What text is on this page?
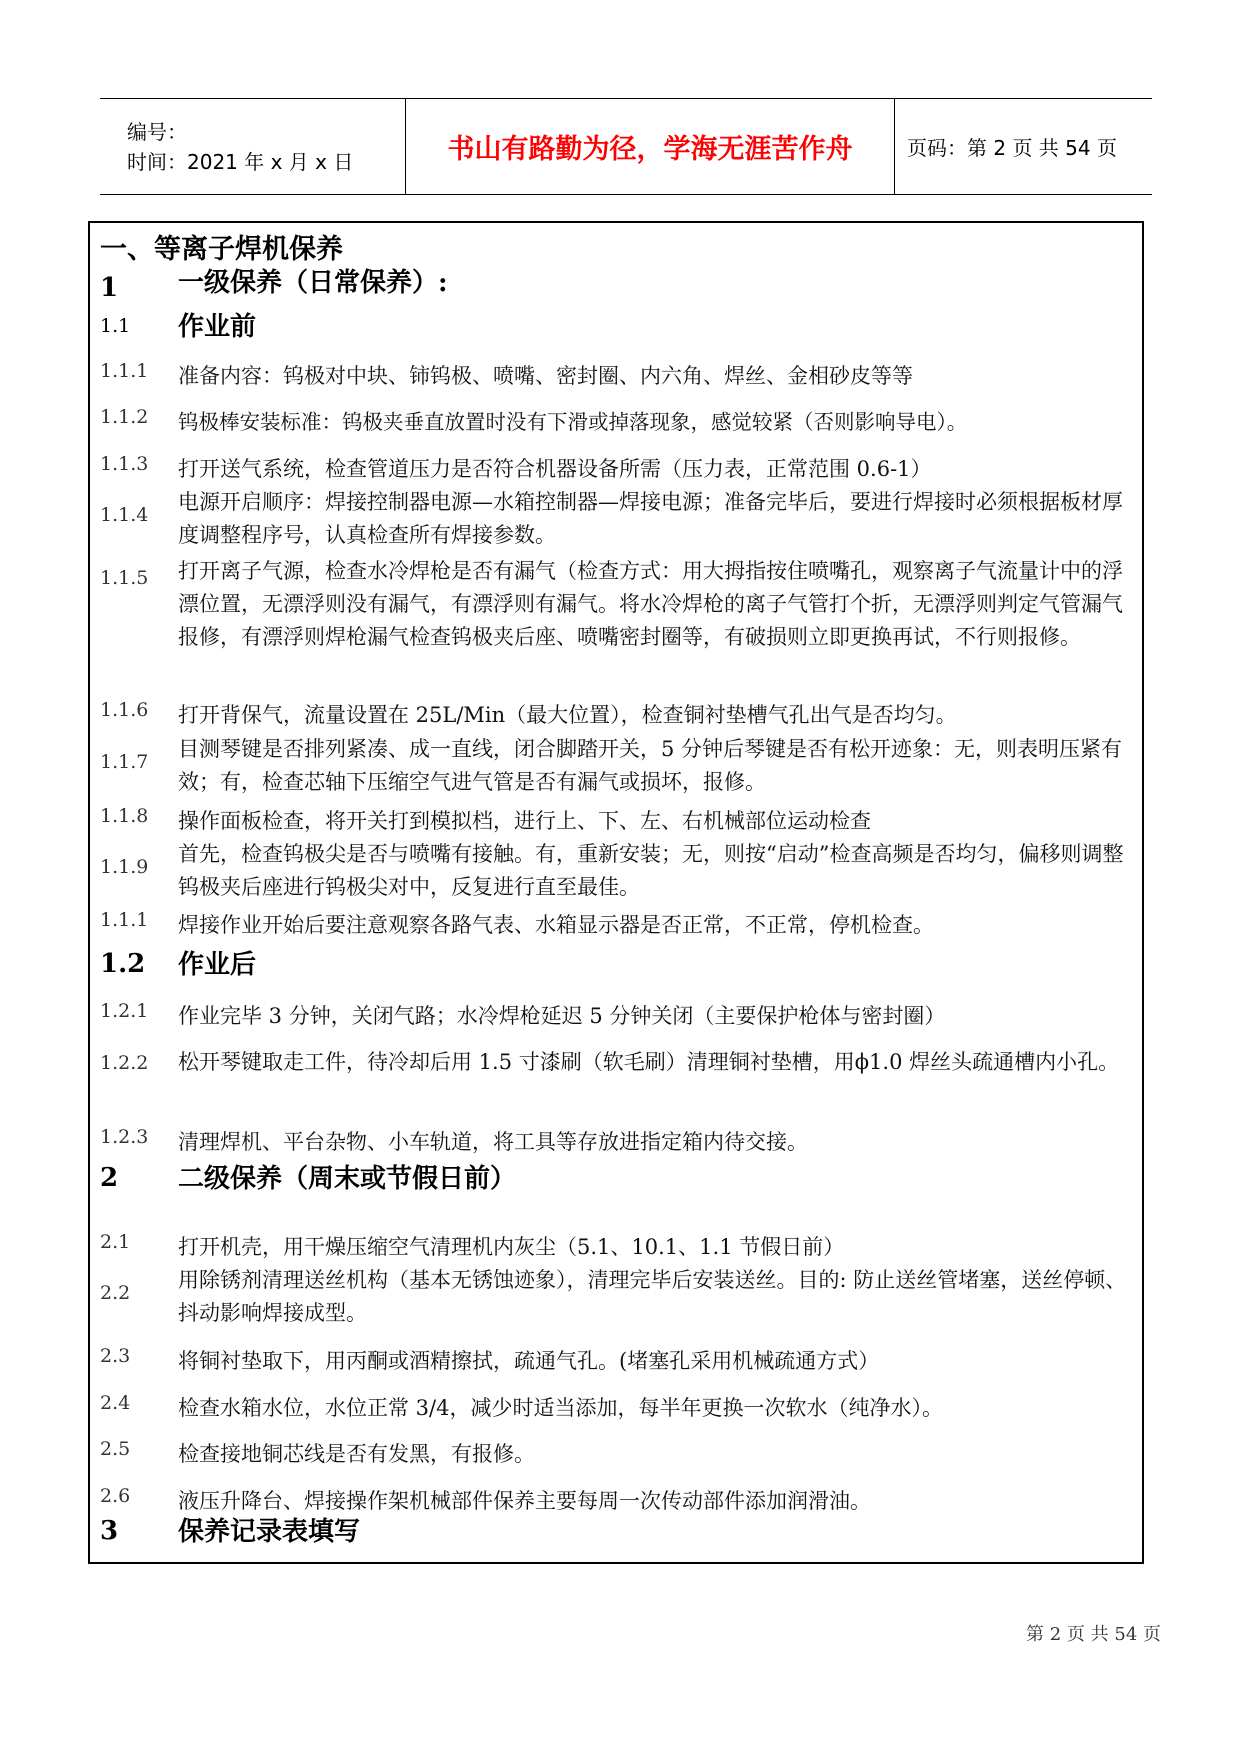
编号：
时间：2021 年 x 月 x 日	书山有路勤为径，学海无涯苦作舟	页码：第 2 页 共 54 页
一、等离子焊机保养
1	一级保养（日常保养）:
1.1	作业前
1.1.1	准备内容：钨极对中块、铈钨极、喷嘴、密封圈、内六角、焊丝、金相砂皮等等
1.1.2	钨极棒安装标准：钨极夹垂直放置时没有下滑或掉落现象，感觉较紧（否则影响导电）。
1.1.3	打开送气系统，检查管道压力是否符合机器设备所需（压力表，正常范围 0.6-1）
1.1.4
电源开启顺序：焊接控制器电源—水箱控制器—焊接电源；准备完毕后，要进行焊接时必须根据板材厚度调整程序号，认真检查所有焊接参数。
1.1.5	打开离子气源，检查水冷焊枪是否有漏气（检查方式：用大拇指按住喷嘴孔，观察离子气流量计中的浮漂位置，无漂浮则没有漏气，有漂浮则有漏气。将水冷焊枪的离子气管打个折，无漂浮则判定气管漏气报修，有漂浮则焊枪漏气检查钨极夹后座、喷嘴密封圈等，有破损则立即更换再试，不行则报修。
1.1.6	打开背保气，流量设置在 25L/Min（最大位置），检查铜衬垫槽气孔出气是否均匀。
1.1.7
目测琴键是否排列紧凑、成一直线，闭合脚踏开关，5 分钟后琴键是否有松开迹象：无，则表明压紧有效；有，检查芯轴下压缩空气进气管是否有漏气或损坏，报修。
1.1.8	操作面板检查，将开关打到模拟档，进行上、下、左、右机械部位运动检查
1.1.9
首先，检查钨极尖是否与喷嘴有接触。有，重新安装；无，则按“启动”检查高频是否均匀，偏移则调整钨极夹后座进行钨极尖对中，反复进行直至最佳。
1.1.1	焊接作业开始后要注意观察各路气表、水箱显示器是否正常，不正常，停机检查。
1.2	作业后
1.2.1	作业完毕 3 分钟，关闭气路；水冷焊枪延迟 5 分钟关闭（主要保护枪体与密封圈）
1.2.2	松开琴键取走工件，待冷却后用 1.5 寸漆刷（软毛刷）清理铜衬垫槽，用ϕ1.0 焊丝头疏通槽内小孔。
1.2.3	清理焊机、平台杂物、小车轨道，将工具等存放进指定箱内待交接。
2	二级保养（周末或节假日前）
2.1	打开机壳，用干燥压缩空气清理机内灰尘（5.1、10.1、1.1 节假日前）
2.2
用除锈剂清理送丝机构（基本无锈蚀迹象），清理完毕后安装送丝。目的: 防止送丝管堵塞，送丝停顿、抖动影响焊接成型。
2.3	将铜衬垫取下，用丙酮或酒精擦拭，疏通气孔。(堵塞孔采用机械疏通方式）
2.4	检查水箱水位，水位正常 3/4，减少时适当添加，每半年更换一次软水（纯净水）。
2.5	检查接地铜芯线是否有发黑，有报修。
2.6	液压升降台、焊接操作架机械部件保养主要每周一次传动部件添加润滑油。
3	保养记录表填写
第 2 页 共 54 页
